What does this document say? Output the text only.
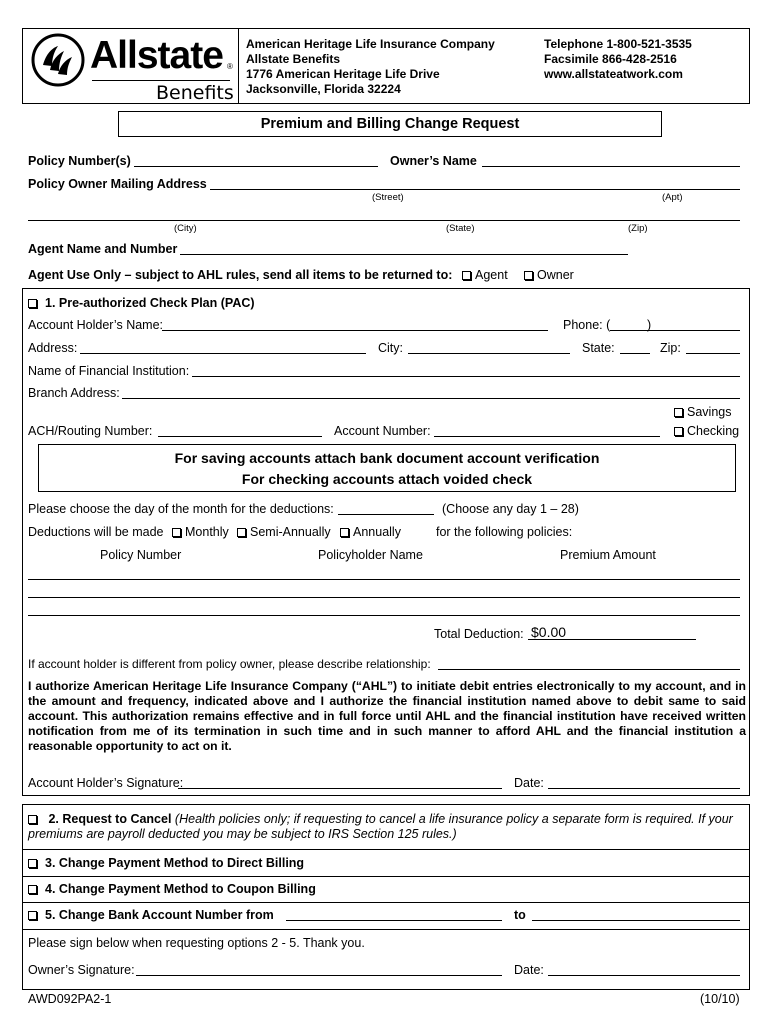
Allstate ®
Benefits
American Heritage Life Insurance Company
Allstate Benefits
1776 American Heritage Life Drive
Jacksonville, Florida 32224
Telephone 1-800-521-3535
Facsimile 866-428-2516
www.allstateatwork.com
Premium and Billing Change Request
Policy Number(s)	Owner’s Name
Policy Owner Mailing Address
(Street)	(Apt)
(City)	(State)	(Zip)
Agent Name and Number
Agent Use Only – subject to AHL rules, send all items to be returned to:	Agent	Owner
1. Pre-authorized Check Plan (PAC)
Account Holder’s Name:	Phone: (	)
Address:	City:	State:	Zip:
Name of Financial Institution:
Branch Address:
Savings
ACH/Routing Number:	Account Number:	Checking
For saving accounts attach bank document account verification
For checking accounts attach voided check
Please choose the day of the month for the deductions:	(Choose any day 1 – 28)
Deductions will be made	Monthly	Semi-Annually	Annually	for the following policies:
Policy Number	Policyholder Name	Premium Amount
Total Deduction: $0.00
If account holder is different from policy owner, please describe relationship:
I authorize American Heritage Life Insurance Company (“AHL”) to initiate debit entries electronically to my account, and in the amount and frequency, indicated above and I authorize the financial institution named above to debit same to said account. This authorization remains effective and in full force until AHL and the financial institution have received written notification from me of its termination in such time and in such manner to afford AHL and the financial institution a reasonable opportunity to act on it.
Account Holder’s Signature:	Date:
2. Request to Cancel (Health policies only; if requesting to cancel a life insurance policy a separate form is required. If your premiums are payroll deducted you may be subject to IRS Section 125 rules.)
3. Change Payment Method to Direct Billing
4. Change Payment Method to Coupon Billing
5. Change Bank Account Number from	to
Please sign below when requesting options 2 - 5. Thank you.
Owner’s Signature:	Date:
AWD092PA2-1	(10/10)
